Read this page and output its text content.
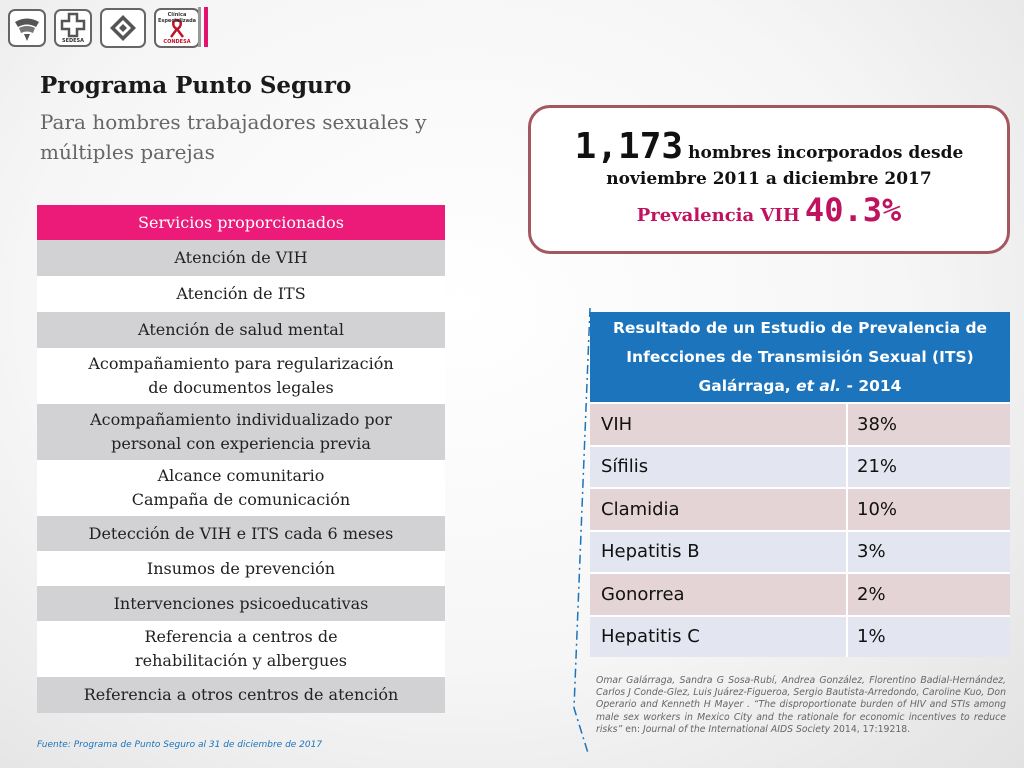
SEDESA
Clínica Especializada
CONDESA
Programa Punto Seguro
Para hombres trabajadores sexuales y múltiples parejas
Servicios proporcionados
Atención de VIH
Atención de ITS
Atención de salud mental
Acompañamiento para regularización
de documentos legales
Acompañamiento individualizado por
personal con experiencia previa
Alcance comunitario
Campaña de comunicación
Detección de VIH e ITS cada 6 meses
Insumos de prevención
Intervenciones psicoeducativas
Referencia a centros de
rehabilitación y albergues
Referencia a otros centros de atención
1,173 hombres incorporados desde
noviembre 2011 a diciembre 2017
Prevalencia VIH 40.3%
Resultado de un Estudio de Prevalencia de
Infecciones de Transmisión Sexual (ITS)
Galárraga, et al. - 2014
VIH	38%
Sífilis	21%
Clamidia	10%
Hepatitis B	3%
Gonorrea	2%
Hepatitis C	1%
Omar Galárraga, Sandra G Sosa-Rubí, Andrea González, Florentino Badial-Hernández, Carlos J Conde-Glez, Luis Juárez-Figueroa, Sergio Bautista-Arredondo, Caroline Kuo, Don Operario and Kenneth H Mayer . “The disproportionate burden of HIV and STIs among male sex workers in Mexico City and the rationale for economic incentives to reduce risks” en: Journal of the International AIDS Society 2014, 17:19218.
Fuente: Programa de Punto Seguro al 31 de diciembre de 2017
